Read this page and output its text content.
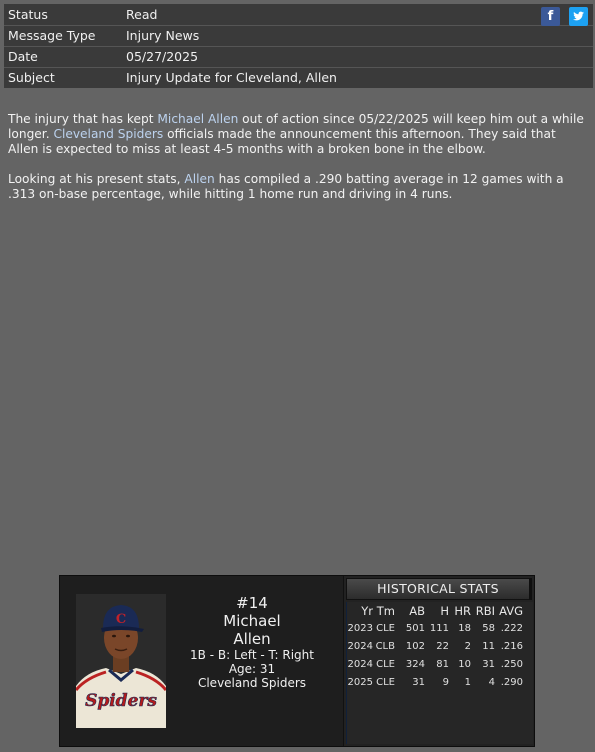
Status	Read
Message Type Injury News
Date	05/27/2025
Subject	Injury Update for Cleveland, Allen
f

The injury that has kept Michael Allen out of action since 05/22/2025 will keep him out a while longer. Cleveland Spiders officials made the announcement this afternoon. They said that Allen is expected to miss at least 4-5 months with a broken bone in the elbow.

Looking at his present stats, Allen has compiled a .290 batting average in 12 games with a .313 on-base percentage, while hitting 1 home run and driving in 4 runs.

Spiders
C
#14
Michael
Allen
1B - B: Left - T: Right
Age: 31
Cleveland Spiders
HISTORICAL STATS
Yr	Tm	AB	H	HR	RBI	AVG
2023	CLE	501	111	18	58	.222
2024	CLB	102	22	2	11	.216
2024	CLE	324	81	10	31	.250
2025	CLE	31	9	1	4	.290
